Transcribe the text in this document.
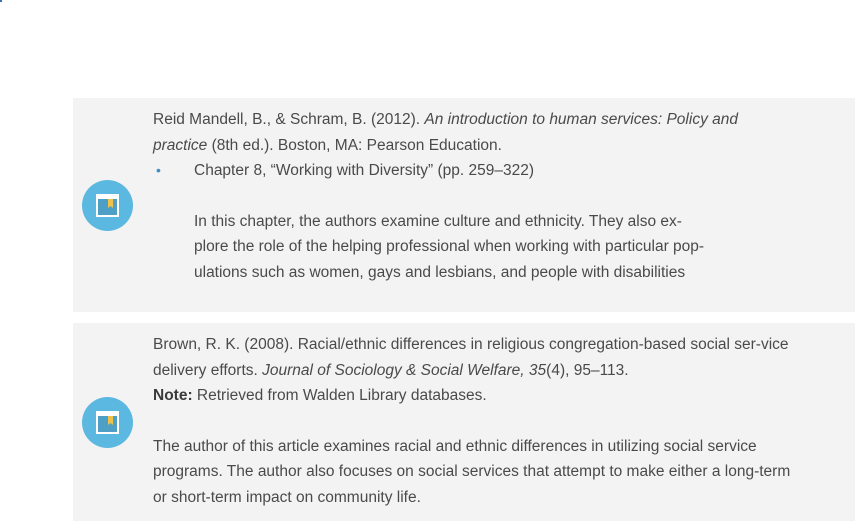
Reid Mandell, B., & Schram, B. (2012). An introduction to human services: Policy and practice (8th ed.). Boston, MA: Pearson Education.

• Chapter 8, “Working with Diversity” (pp. 259–322)

In this chapter, the authors examine culture and ethnicity. They also ex-plore the role of the helping professional when working with particular pop-ulations such as women, gays and lesbians, and people with disabilities

Brown, R. K. (2008). Racial/ethnic differences in religious congregation-based social ser-vice delivery efforts. Journal of Sociology & Social Welfare, 35(4), 95–113.

Note: Retrieved from Walden Library databases.

The author of this article examines racial and ethnic differences in utilizing social service programs. The author also focuses on social services that attempt to make either a long-term or short-term impact on community life.
